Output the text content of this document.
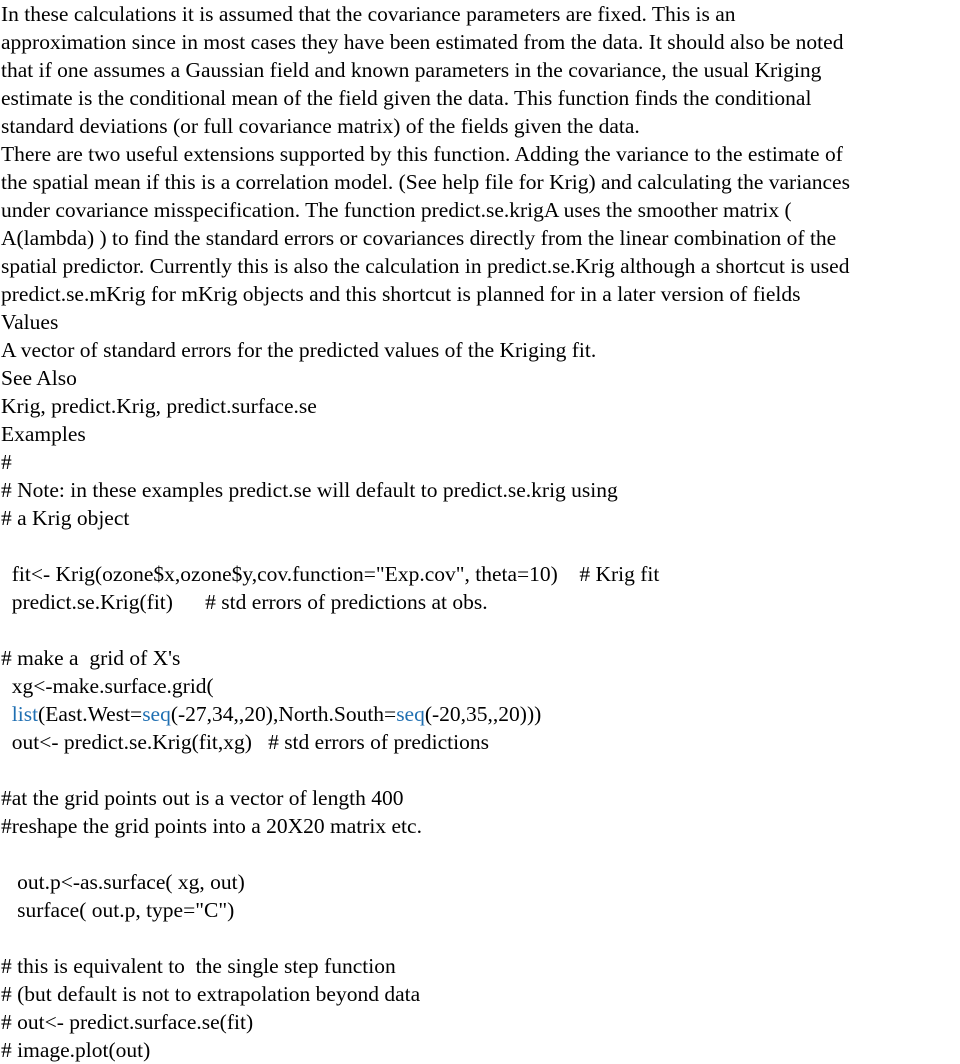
In these calculations it is assumed that the covariance parameters are fixed. This is an
approximation since in most cases they have been estimated from the data. It should also be noted
that if one assumes a Gaussian field and known parameters in the covariance, the usual Kriging
estimate is the conditional mean of the field given the data. This function finds the conditional
standard deviations (or full covariance matrix) of the fields given the data.
There are two useful extensions supported by this function. Adding the variance to the estimate of
the spatial mean if this is a correlation model. (See help file for Krig) and calculating the variances
under covariance misspecification. The function predict.se.krigA uses the smoother matrix (
A(lambda) ) to find the standard errors or covariances directly from the linear combination of the
spatial predictor. Currently this is also the calculation in predict.se.Krig although a shortcut is used
predict.se.mKrig for mKrig objects and this shortcut is planned for in a later version of fields
Values
A vector of standard errors for the predicted values of the Kriging fit.
See Also
Krig, predict.Krig, predict.surface.se
Examples
#
# Note: in these examples predict.se will default to predict.se.krig using
# a Krig object
fit<- Krig(ozone$x,ozone$y,cov.function="Exp.cov", theta=10)    # Krig fit
predict.se.Krig(fit)      # std errors of predictions at obs.
# make a  grid of X's
xg<-make.surface.grid(
list(East.West=seq(-27,34,,20),North.South=seq(-20,35,,20)))
out<- predict.se.Krig(fit,xg)   # std errors of predictions
#at the grid points out is a vector of length 400
#reshape the grid points into a 20X20 matrix etc.
out.p<-as.surface( xg, out)
surface( out.p, type="C")
# this is equivalent to  the single step function
# (but default is not to extrapolation beyond data
# out<- predict.surface.se(fit)
# image.plot(out)
